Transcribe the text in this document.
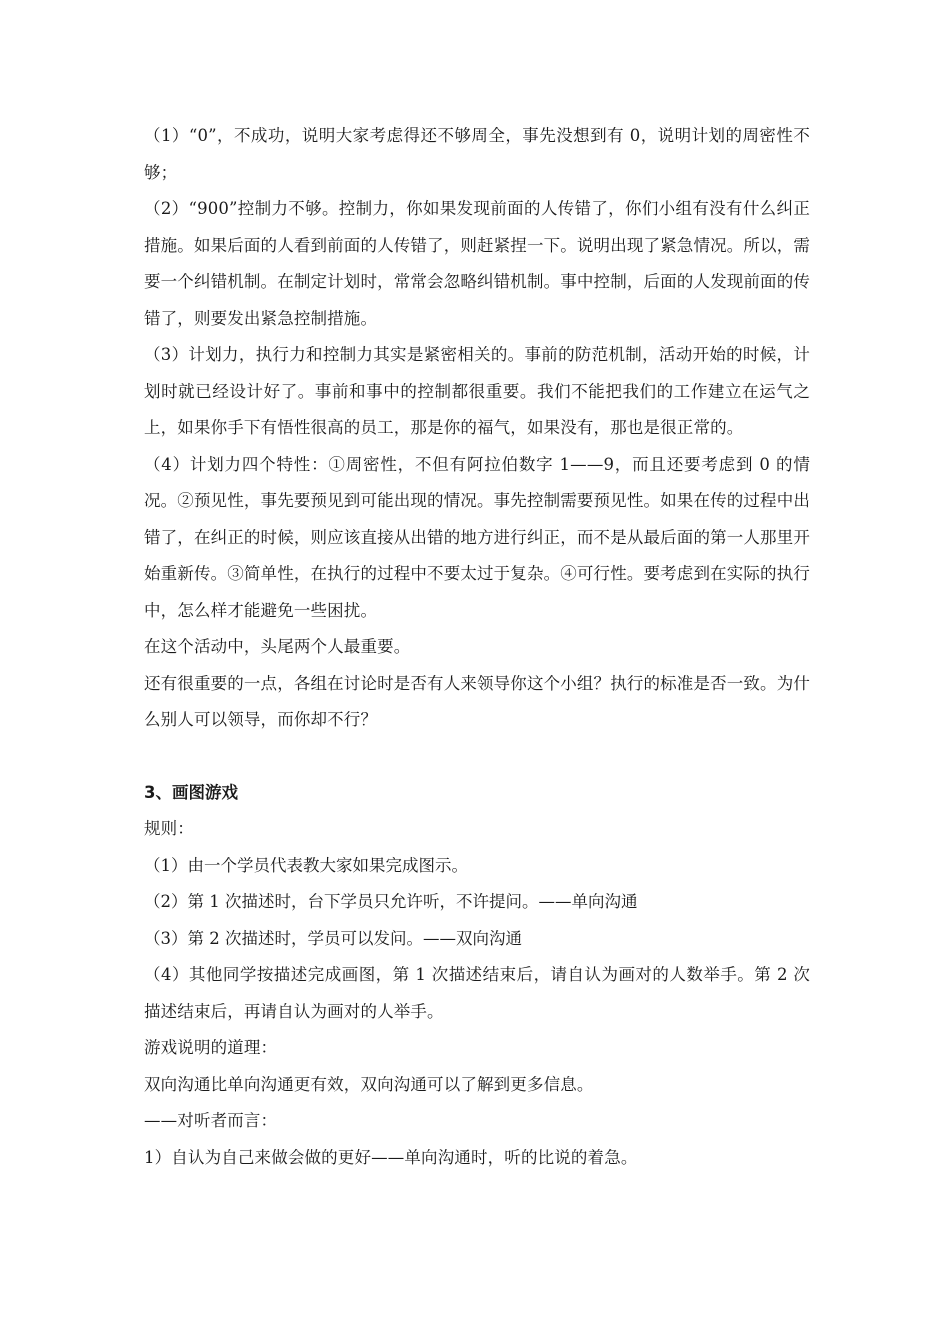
（1）“0”，不成功，说明大家考虑得还不够周全，事先没想到有 0，说明计划的周密性不够；

（2）“900”控制力不够。控制力，你如果发现前面的人传错了，你们小组有没有什么纠正措施。如果后面的人看到前面的人传错了，则赶紧捏一下。说明出现了紧急情况。所以，需要一个纠错机制。在制定计划时，常常会忽略纠错机制。事中控制，后面的人发现前面的传错了，则要发出紧急控制措施。

（3）计划力，执行力和控制力其实是紧密相关的。事前的防范机制，活动开始的时候，计划时就已经设计好了。事前和事中的控制都很重要。我们不能把我们的工作建立在运气之上，如果你手下有悟性很高的员工，那是你的福气，如果没有，那也是很正常的。

（4）计划力四个特性：①周密性，不但有阿拉伯数字 1——9，而且还要考虑到 0 的情况。②预见性，事先要预见到可能出现的情况。事先控制需要预见性。如果在传的过程中出错了，在纠正的时候，则应该直接从出错的地方进行纠正，而不是从最后面的第一人那里开始重新传。③简单性，在执行的过程中不要太过于复杂。④可行性。要考虑到在实际的执行中，怎么样才能避免一些困扰。

在这个活动中，头尾两个人最重要。

还有很重要的一点，各组在讨论时是否有人来领导你这个小组？执行的标准是否一致。为什么别人可以领导，而你却不行？

3、画图游戏

规则：

（1）由一个学员代表教大家如果完成图示。

（2）第 1 次描述时，台下学员只允许听，不许提问。——单向沟通

（3）第 2 次描述时，学员可以发问。——双向沟通

（4）其他同学按描述完成画图，第 1 次描述结束后，请自认为画对的人数举手。第 2 次描述结束后，再请自认为画对的人举手。

游戏说明的道理：

双向沟通比单向沟通更有效，双向沟通可以了解到更多信息。

——对听者而言：

1）自认为自己来做会做的更好——单向沟通时，听的比说的着急。
